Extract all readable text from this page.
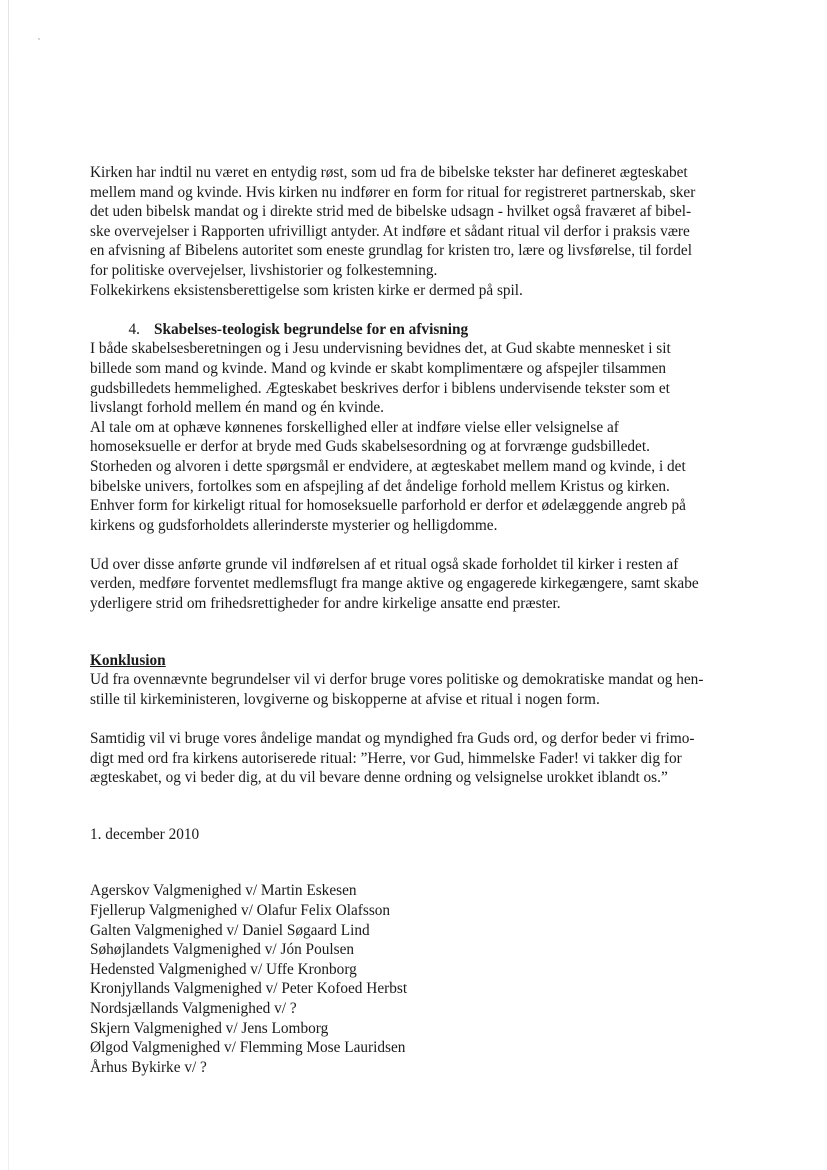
Kirken har indtil nu været en entydig røst, som ud fra de bibelske tekster har defineret ægteskabet

mellem mand og kvinde. Hvis kirken nu indfører en form for ritual for registreret partnerskab, sker

det uden bibelsk mandat og i direkte strid med de bibelske udsagn - hvilket også fraværet af bibel-

ske overvejelser i Rapporten ufrivilligt antyder. At indføre et sådant ritual vil derfor i praksis være

en afvisning af Bibelens autoritet som eneste grundlag for kristen tro, lære og livsførelse, til fordel

for politiske overvejelser, livshistorier og folkestemning.

Folkekirkens eksistensberettigelse som kristen kirke er dermed på spil.

4. Skabelses-teologisk begrundelse for en afvisning

I både skabelsesberetningen og i Jesu undervisning bevidnes det, at Gud skabte mennesket i sit

billede som mand og kvinde. Mand og kvinde er skabt komplimentære og afspejler tilsammen

gudsbilledets hemmelighed. Ægteskabet beskrives derfor i biblens undervisende tekster som et

livslangt forhold mellem én mand og én kvinde.

Al tale om at ophæve kønnenes forskellighed eller at indføre vielse eller velsignelse af

homoseksuelle er derfor at bryde med Guds skabelsesordning og at forvrænge gudsbilledet.

Storheden og alvoren i dette spørgsmål er endvidere, at ægteskabet mellem mand og kvinde, i det

bibelske univers, fortolkes som en afspejling af det åndelige forhold mellem Kristus og kirken.

Enhver form for kirkeligt ritual for homoseksuelle parforhold er derfor et ødelæggende angreb på

kirkens og gudsforholdets allerinderste mysterier og helligdomme.

Ud over disse anførte grunde vil indførelsen af et ritual også skade forholdet til kirker i resten af

verden, medføre forventet medlemsflugt fra mange aktive og engagerede kirkegængere, samt skabe

yderligere strid om frihedsrettigheder for andre kirkelige ansatte end præster.

Konklusion

Ud fra ovennævnte begrundelser vil vi derfor bruge vores politiske og demokratiske mandat og hen-

stille til kirkeministeren, lovgiverne og biskopperne at afvise et ritual i nogen form.

Samtidig vil vi bruge vores åndelige mandat og myndighed fra Guds ord, og derfor beder vi frimo-

digt med ord fra kirkens autoriserede ritual: ”Herre, vor Gud, himmelske Fader! vi takker dig for

ægteskabet, og vi beder dig, at du vil bevare denne ordning og velsignelse urokket iblandt os.”

1. december 2010

Agerskov Valgmenighed v/ Martin Eskesen
Fjellerup Valgmenighed v/ Olafur Felix Olafsson
Galten Valgmenighed v/ Daniel Søgaard Lind
Søhøjlandets Valgmenighed v/ Jón Poulsen
Hedensted Valgmenighed v/ Uffe Kronborg
Kronjyllands Valgmenighed v/ Peter Kofoed Herbst
Nordsjællands Valgmenighed v/ ?
Skjern Valgmenighed v/ Jens Lomborg
Ølgod Valgmenighed v/ Flemming Mose Lauridsen
Århus Bykirke v/ ?
